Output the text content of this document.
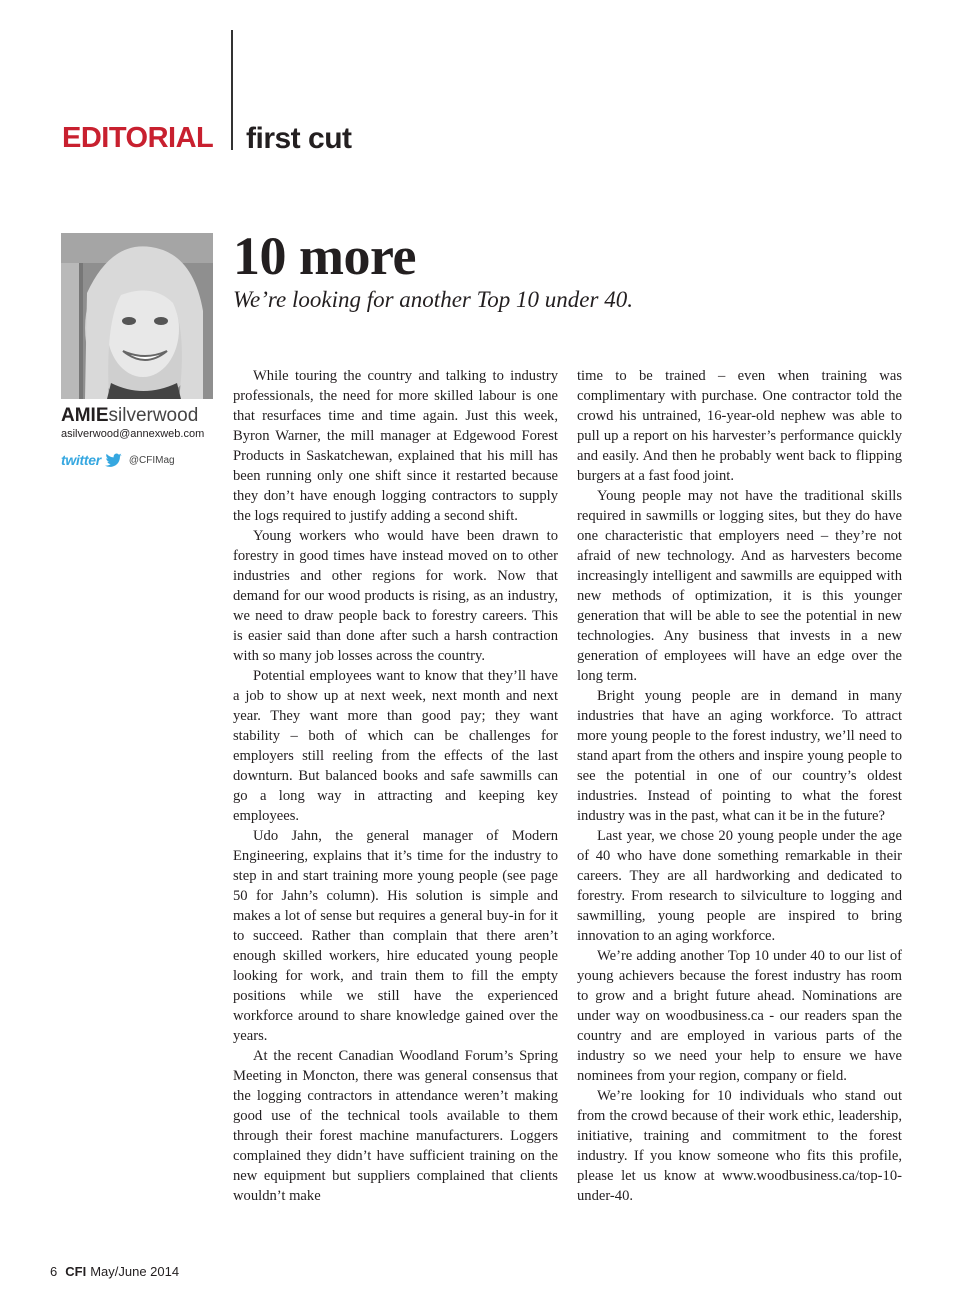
EDITORIAL first cut
AMIEsilverwood
asilverwood@annexweb.com
twitter	@CFIMag
10 more
We’re looking for another Top 10 under 40.

While touring the country and talking to industry professionals, the need for more skilled labour is one that resurfaces time and time again. Just this week, Byron Warner, the mill manager at Edgewood Forest Products in Saskatchewan, explained that his mill has been running only one shift since it restarted because they don’t have enough logging contractors to supply the logs required to justify adding a second shift.

Young workers who would have been drawn to forestry in good times have instead moved on to other industries and other regions for work. Now that demand for our wood products is rising, as an industry, we need to draw people back to forestry careers. This is easier said than done after such a harsh contraction with so many job losses across the country.

Potential employees want to know that they’ll have a job to show up at next week, next month and next year. They want more than good pay; they want stability – both of which can be challenges for employers still reeling from the effects of the last downturn. But balanced books and safe sawmills can go a long way in attracting and keeping key employees.

Udo Jahn, the general manager of Modern Engineering, explains that it’s time for the industry to step in and start training more young people (see page 50 for Jahn’s column). His solution is simple and makes a lot of sense but requires a general buy-in for it to succeed. Rather than complain that there aren’t enough skilled workers, hire educated young people looking for work, and train them to fill the empty positions while we still have the experienced workforce around to share knowledge gained over the years.

At the recent Canadian Woodland Forum’s Spring Meeting in Moncton, there was general consensus that the logging contractors in attendance weren’t making good use of the technical tools available to them through their forest machine manufacturers. Loggers complained they didn’t have sufficient training on the new equipment but suppliers complained that clients wouldn’t make

time to be trained – even when training was complimentary with purchase. One contractor told the crowd his untrained, 16-year-old nephew was able to pull up a report on his harvester’s performance quickly and easily. And then he probably went back to flipping burgers at a fast food joint.

Young people may not have the traditional skills required in sawmills or logging sites, but they do have one characteristic that employers need – they’re not afraid of new technology. And as harvesters become increasingly intelligent and sawmills are equipped with new methods of optimization, it is this younger generation that will be able to see the potential in new technologies. Any business that invests in a new generation of employees will have an edge over the long term.

Bright young people are in demand in many industries that have an aging workforce. To attract more young people to the forest industry, we’ll need to stand apart from the others and inspire young people to see the potential in one of our country’s oldest industries. Instead of pointing to what the forest industry was in the past, what can it be in the future?

Last year, we chose 20 young people under the age of 40 who have done something remarkable in their careers. They are all hardworking and dedicated to forestry. From research to silviculture to logging and sawmilling, young people are inspired to bring innovation to an aging workforce.

We’re adding another Top 10 under 40 to our list of young achievers because the forest industry has room to grow and a bright future ahead. Nominations are under way on woodbusiness.ca - our readers span the country and are employed in various parts of the industry so we need your help to ensure we have nominees from your region, company or field.

We’re looking for 10 individuals who stand out from the crowd because of their work ethic, leadership, initiative, training and commitment to the forest industry. If you know someone who fits this profile, please let us know at www.woodbusiness.ca/top-10-under-40.

6 CFI May/June 2014
